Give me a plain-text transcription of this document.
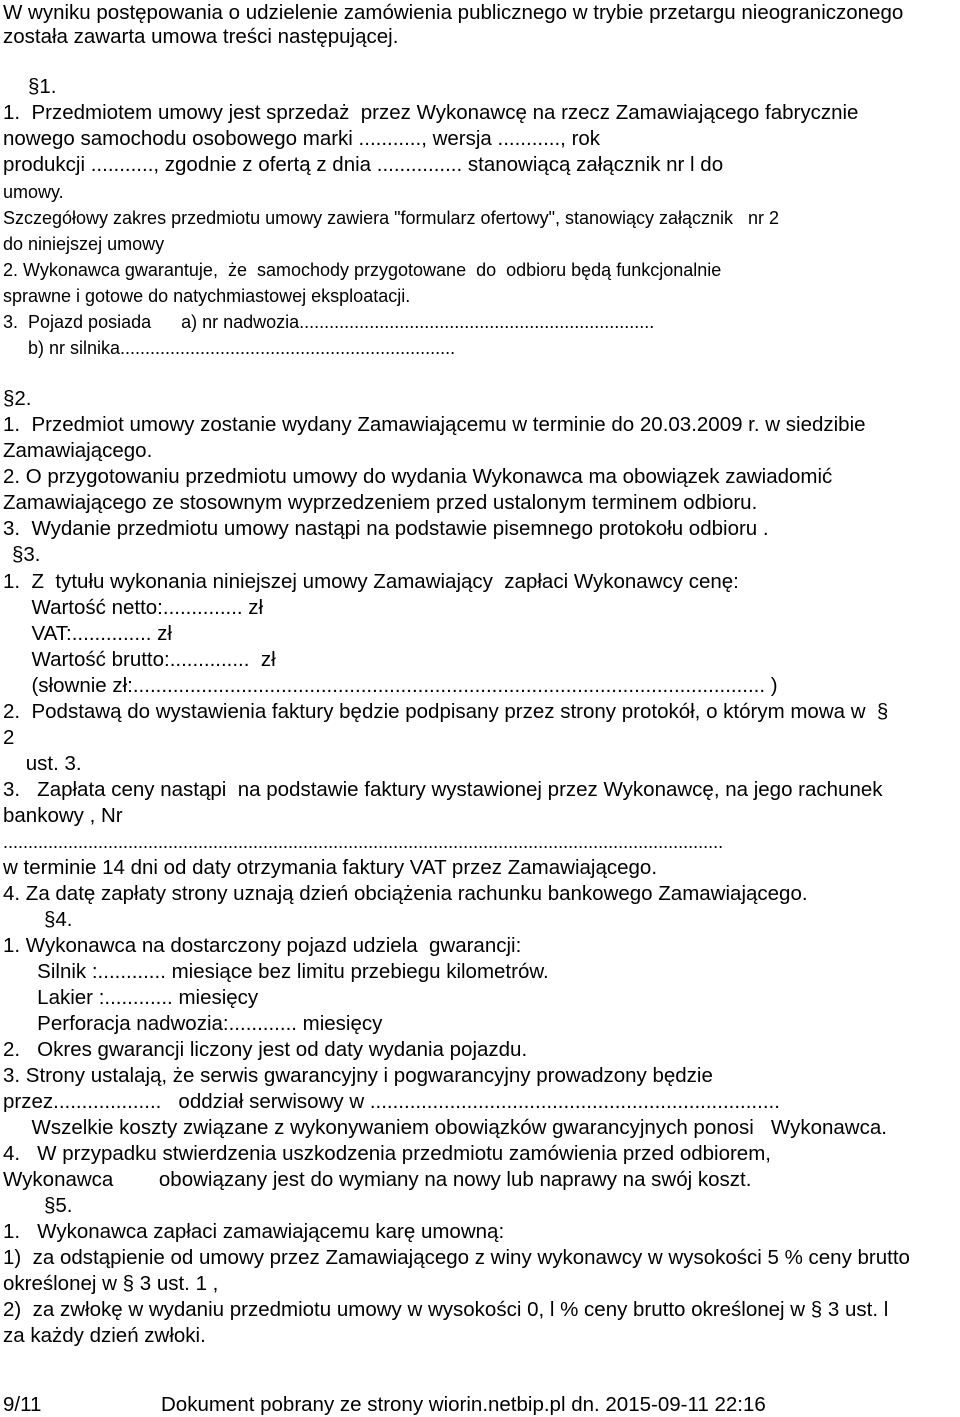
W wyniku postępowania o udzielenie zamówienia publicznego w trybie przetargu nieograniczonego
została zawarta umowa treści następującej.
§1.
1.  Przedmiotem umowy jest sprzedaż  przez Wykonawcę na rzecz Zamawiającego fabrycznie
nowego samochodu osobowego marki ..........., wersja ..........., rok
produkcji ..........., zgodnie z ofertą z dnia ............... stanowiącą załącznik nr l do
umowy.
Szczegółowy zakres przedmiotu umowy zawiera "formularz ofertowy", stanowiący załącznik   nr 2
do niniejszej umowy
2. Wykonawca gwarantuje,  że  samochody przygotowane  do  odbioru będą funkcjonalnie
sprawne i gotowe do natychmiastowej eksploatacji.
3.  Pojazd posiada      a) nr nadwozia.......................................................................
b) nr silnika...................................................................
§2.
1.  Przedmiot umowy zostanie wydany Zamawiającemu w terminie do 20.03.2009 r. w siedzibie
Zamawiającego.
2. O przygotowaniu przedmiotu umowy do wydania Wykonawca ma obowiązek zawiadomić
Zamawiającego ze stosownym wyprzedzeniem przed ustalonym terminem odbioru.
3.  Wydanie przedmiotu umowy nastąpi na podstawie pisemnego protokołu odbioru .
§3.
1.  Z  tytułu wykonania niniejszej umowy Zamawiający  zapłaci Wykonawcy cenę:
Wartość netto:.............. zł
VAT:.............. zł
Wartość brutto:..............  zł
(słownie zł:............................................................................................................... )
2.  Podstawą do wystawienia faktury będzie podpisany przez strony protokół, o którym mowa w  §
2
ust. 3.
3.   Zapłata ceny nastąpi  na podstawie faktury wystawionej przez Wykonawcę, na jego rachunek
bankowy , Nr
................................................................................................................................................
w terminie 14 dni od daty otrzymania faktury VAT przez Zamawiającego.
4. Za datę zapłaty strony uznają dzień obciążenia rachunku bankowego Zamawiającego.
§4.
1. Wykonawca na dostarczony pojazd udziela  gwarancji:
Silnik :............ miesiące bez limitu przebiegu kilometrów.
Lakier :............ miesięcy
Perforacja nadwozia:............ miesięcy
2.   Okres gwarancji liczony jest od daty wydania pojazdu.
3. Strony ustalają, że serwis gwarancyjny i pogwarancyjny prowadzony będzie
przez...................   oddział serwisowy w ........................................................................
Wszelkie koszty związane z wykonywaniem obowiązków gwarancyjnych ponosi   Wykonawca.
4.   W przypadku stwierdzenia uszkodzenia przedmiotu zamówienia przed odbiorem,
Wykonawca        obowiązany jest do wymiany na nowy lub naprawy na swój koszt.
§5.
1.   Wykonawca zapłaci zamawiającemu karę umowną:
1)  za odstąpienie od umowy przez Zamawiającego z winy wykonawcy w wysokości 5 % ceny brutto
określonej w § 3 ust. 1 ,
2)  za zwłokę w wydaniu przedmiotu umowy w wysokości 0, l % ceny brutto określonej w § 3 ust. l
za każdy dzień zwłoki.
9/11	Dokument pobrany ze strony wiorin.netbip.pl dn. 2015-09-11 22:16
